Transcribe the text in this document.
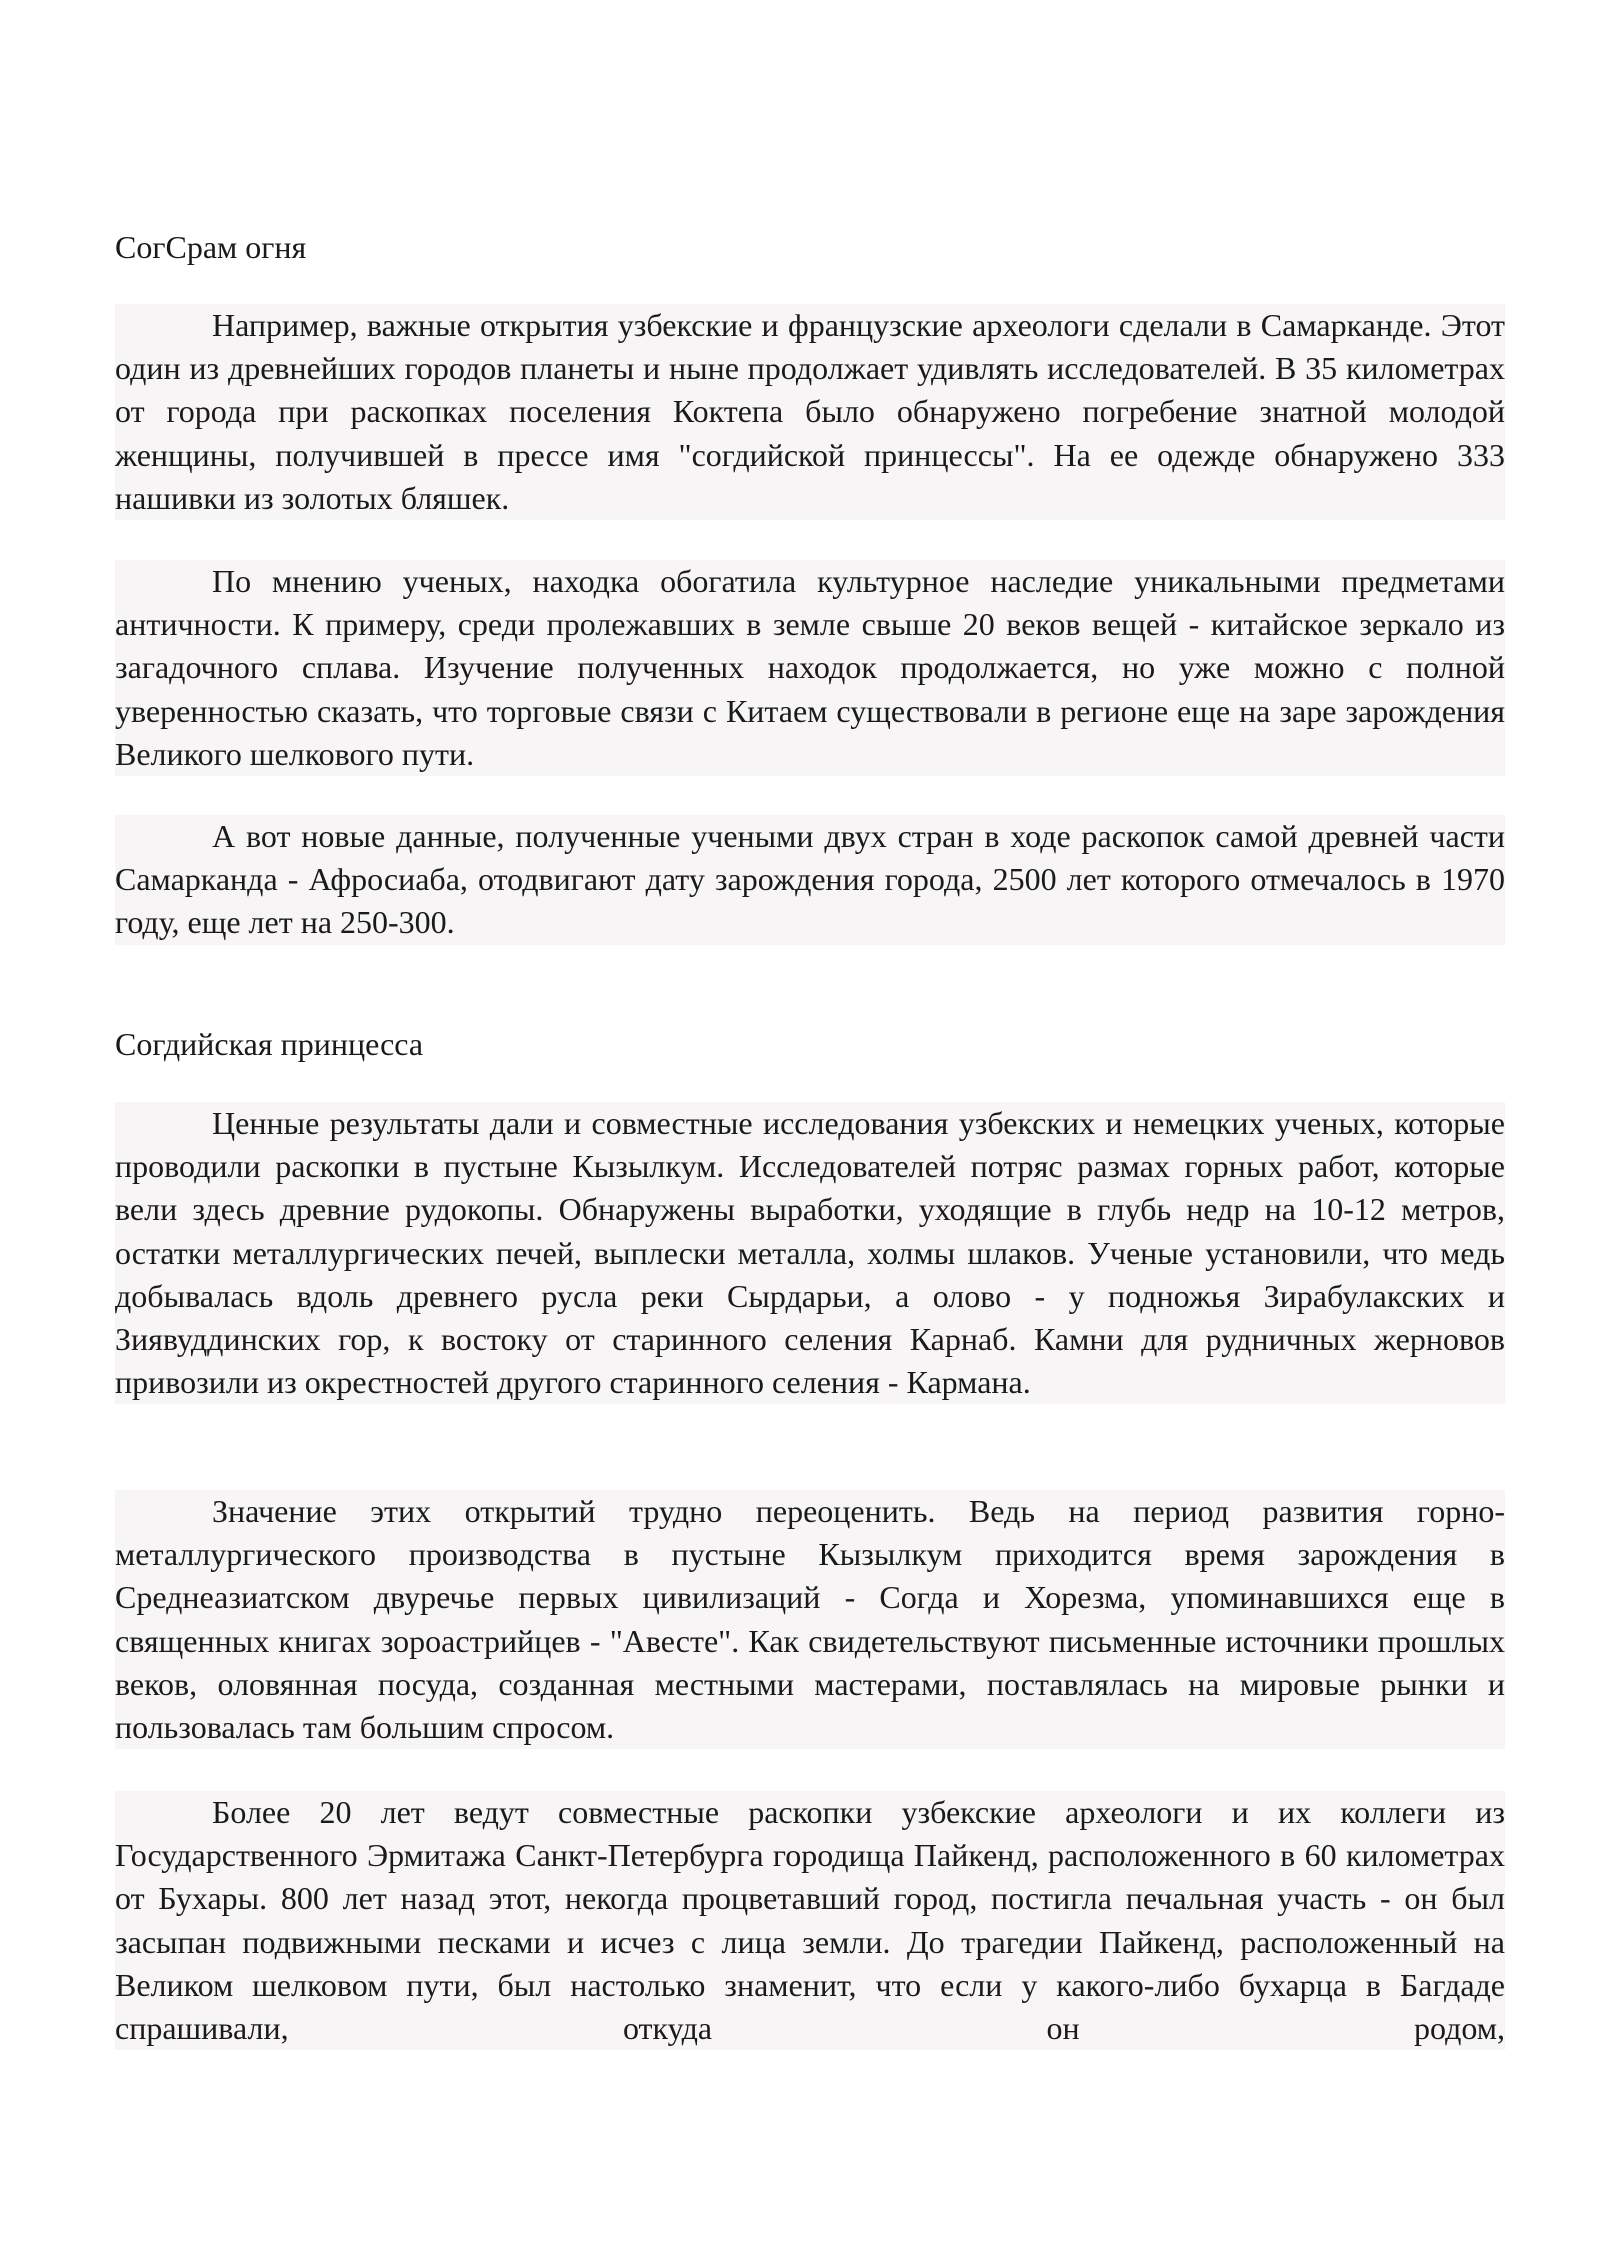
СогСрам огня

Например, важные открытия узбекские и французские археологи сделали в Самарканде. Этот один из древнейших городов планеты и ныне продолжает удивлять исследователей. В 35 километрах от города при раскопках поселения Коктепа было обнаружено погребение знатной молодой женщины, получившей в прессе имя "согдийской принцессы". На ее одежде обнаружено 333 нашивки из золотых бляшек.

По мнению ученых, находка обогатила культурное наследие уникальными предметами античности. К примеру, среди пролежавших в земле свыше 20 веков вещей - китайское зеркало из загадочного сплава. Изучение полученных находок продолжается, но уже можно с полной уверенностью сказать, что торговые связи с Китаем существовали в регионе еще на заре зарождения Великого шелкового пути.

А вот новые данные, полученные учеными двух стран в ходе раскопок самой древней части Самарканда - Афросиаба, отодвигают дату зарождения города, 2500 лет которого отмечалось в 1970 году, еще лет на 250-300.

Согдийская принцесса

Ценные результаты дали и совместные исследования узбекских и немецких ученых, которые проводили раскопки в пустыне Кызылкум. Исследователей потряс размах горных работ, которые вели здесь древние рудокопы. Обнаружены выработки, уходящие в глубь недр на 10-12 метров, остатки металлургических печей, выплески металла, холмы шлаков. Ученые установили, что медь добывалась вдоль древнего русла реки Сырдарьи, а олово - у подножья Зирабулакских и Зиявуддинских гор, к востоку от старинного селения Карнаб. Камни для рудничных жерновов привозили из окрестностей другого старинного селения - Кармана.

Значение этих открытий трудно переоценить. Ведь на период развития горно-металлургического производства в пустыне Кызылкум приходится время зарождения в Среднеазиатском двуречье первых цивилизаций - Согда и Хорезма, упоминавшихся еще в священных книгах зороастрийцев - "Авесте". Как свидетельствуют письменные источники прошлых веков, оловянная посуда, созданная местными мастерами, поставлялась на мировые рынки и пользовалась там большим спросом.

Более 20 лет ведут совместные раскопки узбекские археологи и их коллеги из Государственного Эрмитажа Санкт-Петербурга городища Пайкенд, расположенного в 60 километрах от Бухары. 800 лет назад этот, некогда процветавший город, постигла печальная участь - он был засыпан подвижными песками и исчез с лица земли. До трагедии Пайкенд, расположенный на Великом шелковом пути, был настолько знаменит, что если у какого-либо бухарца в Багдаде спрашивали, откуда он родом,
